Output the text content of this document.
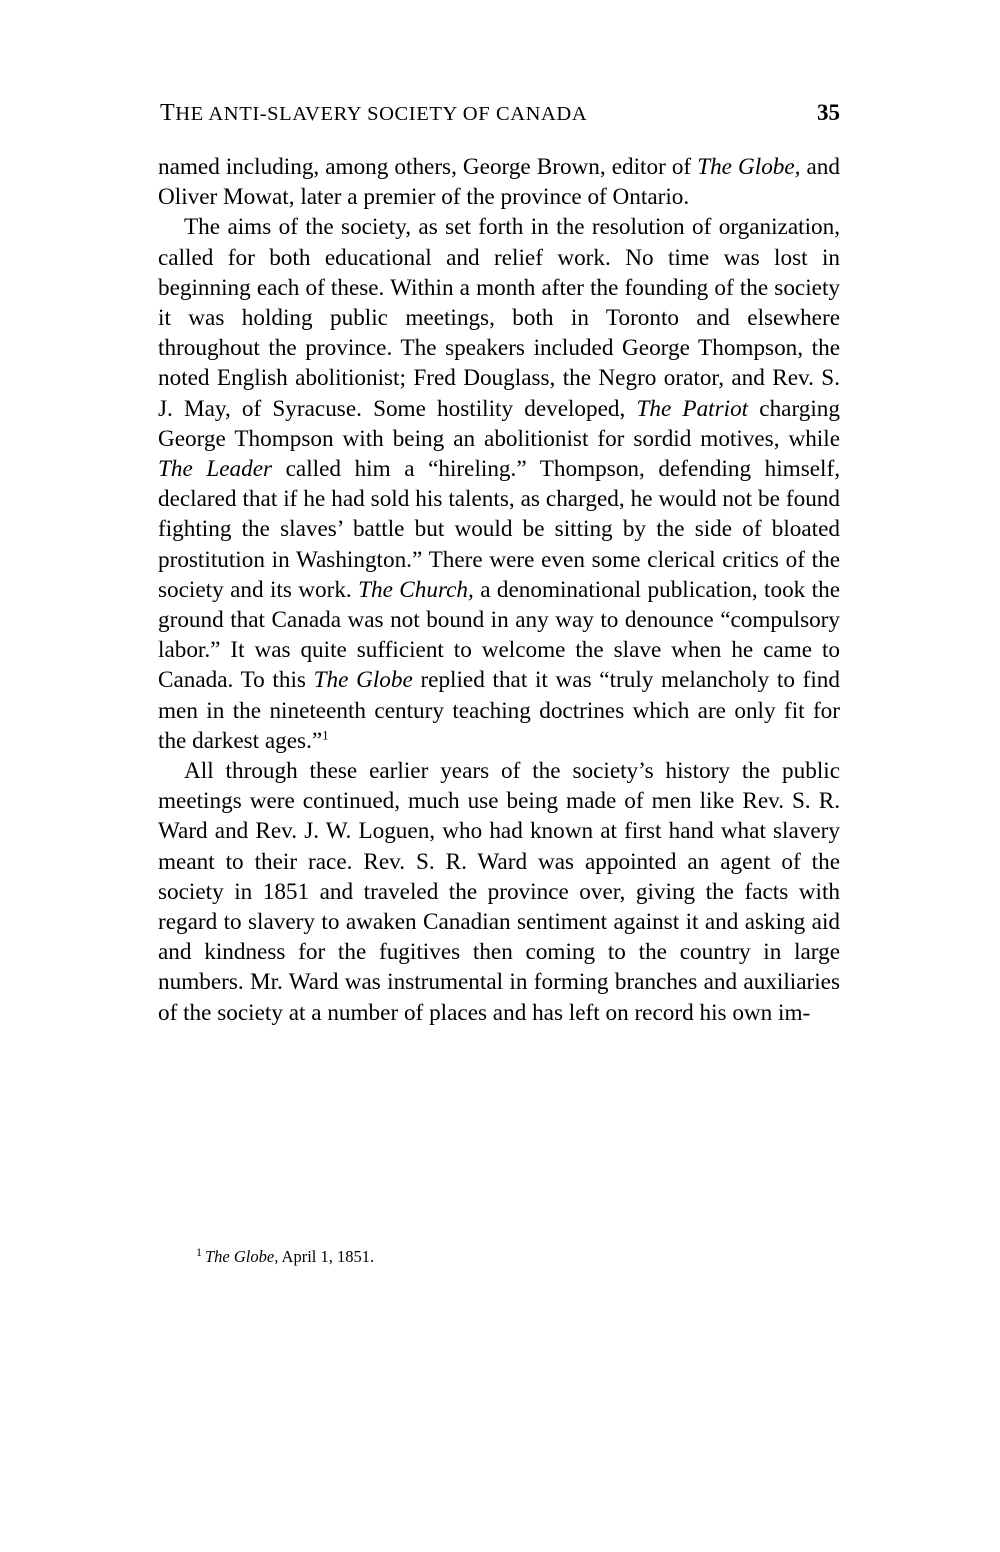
THE ANTI-SLAVERY SOCIETY OF CANADA	35

named including, among others, George Brown, editor of The Globe, and Oliver Mowat, later a premier of the province of Ontario.

The aims of the society, as set forth in the resolution of organization, called for both educational and relief work. No time was lost in beginning each of these. Within a month after the founding of the society it was holding public meetings, both in Toronto and elsewhere throughout the province. The speakers included George Thompson, the noted English abolitionist; Fred Douglass, the Negro orator, and Rev. S. J. May, of Syracuse. Some hostility developed, The Patriot charging George Thompson with being an abolitionist for sordid motives, while The Leader called him a “hireling.” Thompson, defending himself, declared that if he had sold his talents, as charged, he would not be found fighting the slaves’ battle but would be sitting by the side of bloated prostitution in Washington.” There were even some clerical critics of the society and its work. The Church, a denominational publication, took the ground that Canada was not bound in any way to denounce “compulsory labor.” It was quite sufficient to welcome the slave when he came to Canada. To this The Globe replied that it was “truly melancholy to find men in the nineteenth century teaching doctrines which are only fit for the darkest ages.”$^1$

All through these earlier years of the society’s history the public meetings were continued, much use being made of men like Rev. S. R. Ward and Rev. J. W. Loguen, who had known at first hand what slavery meant to their race. Rev. S. R. Ward was appointed an agent of the society in 1851 and traveled the province over, giving the facts with regard to slavery to awaken Canadian sentiment against it and asking aid and kindness for the fugitives then coming to the country in large numbers. Mr. Ward was instrumental in forming branches and auxiliaries of the society at a number of places and has left on record his own im-

$^1$ The Globe, April 1, 1851.
